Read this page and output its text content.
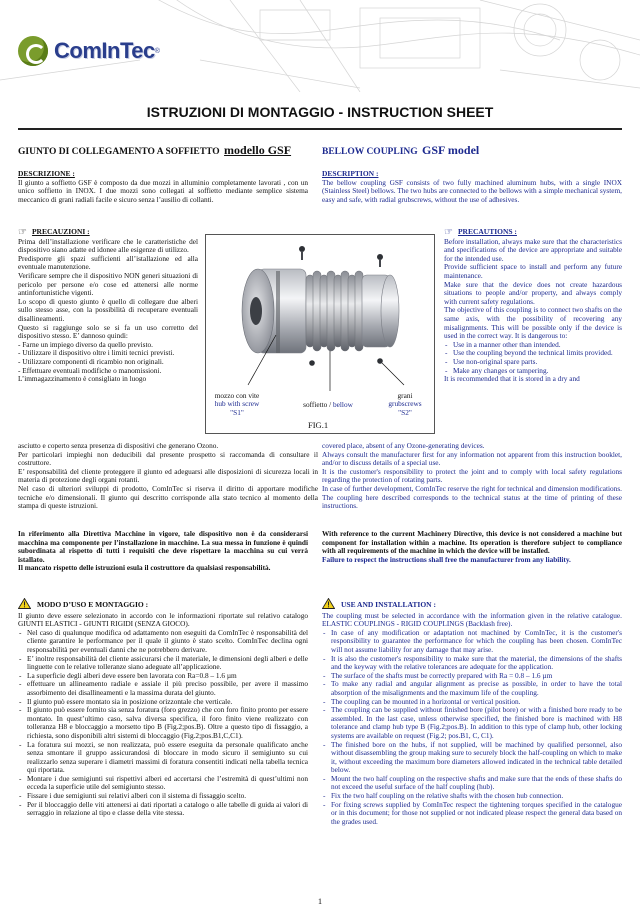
ComInTec ®
ISTRUZIONI DI MONTAGGIO - INSTRUCTION SHEET
GIUNTO DI COLLEGAMENTO A SOFFIETTO modello GSF
DESCRIZIONE :
Il giunto a soffietto GSF è composto da due mozzi in alluminio completamente lavorati , con un unico soffietto in INOX. I due mozzi sono collegati al soffietto mediante semplice sistema meccanico di grani radiali facile e sicuro senza l’ausilio di collanti.
☞ PRECAUZIONI :
Prima dell’installazione verificare che le caratteristiche del dispositivo siano adatte ed idonee alle esigenze di utilizzo.
Predisporre gli spazi sufficienti all’istallazione ed alla eventuale manutenzione.
Verificare sempre che il dispositivo NON generi situazioni di pericolo per persone e/o cose ed attenersi alle norme antinfortunistiche vigenti.
Lo scopo di questo giunto è quello di collegare due alberi sullo stesso asse, con la possibilità di recuperare eventuali disallineamenti.
Questo si raggiunge solo se si fa un uso corretto del dispositivo stesso. E’ dannoso quindi:
- Farne un impiego diverso da quello previsto.
- Utilizzare il dispositivo oltre i limiti tecnici previsti.
- Utilizzare componenti di ricambio non originali.
- Effettuare eventuali modifiche o manomissioni.
L’immagazzinamento è consigliato in luogo
asciutto e coperto senza presenza di dispositivi che generano Ozono.
Per particolari impieghi non deducibili dal presente prospetto si raccomanda di consultare il costruttore.
E’ responsabilità del cliente proteggere il giunto ed adeguarsi alle disposizioni di sicurezza locali in materia di protezione degli organi rotanti.
Nel caso di ulteriori sviluppi di prodotto, ComInTec si riserva il diritto di apportare modifiche tecniche e/o dimensionali. Il giunto qui descritto corrisponde alla stato tecnico al momento della stampa di queste istruzioni.
In riferimento alla Direttiva Macchine in vigore, tale dispositivo non è da considerarsi macchina ma componente per l’installazione in macchine. La sua messa in funzione è quindi subordinata al rispetto di tutti i requisiti che deve rispettare la macchina su cui verrà istallato.
Il mancato rispetto delle istruzioni esula il costruttore da qualsiasi responsabilità.
MODO D’USO E MONTAGGIO :
Il giunto deve essere selezionato in accordo con le informazioni riportate sul relativo catalogo GIUNTI ELASTICI - GIUNTI RIGIDI (SENZA GIOCO).
- Nel caso di qualunque modifica od adattamento non eseguiti da ComInTec è responsabilità del cliente garantire le performance per il quale il giunto è stato scelto. ComInTec declina ogni responsabilità per eventuali danni che ne potrebbero derivare.
- E’ inoltre responsabilità del cliente assicurarsi che il materiale, le dimensioni degli alberi e delle linguette con le relative tolleranze siano adeguate all’applicazione.
- La superficie degli alberi deve essere ben lavorata con Ra=0.8 – 1.6 µm
- effettuare un allineamento radiale e assiale il più preciso possibile, per avere il massimo assorbimento dei disallineamenti e la massima durata del giunto.
- Il giunto può essere montato sia in posizione orizzontale che verticale.
- Il giunto può essere fornito sia senza foratura (foro grezzo) che con foro finito pronto per essere montato. In quest’ultimo caso, salva diversa specifica, il foro finito viene realizzato con tolleranza H8 e bloccaggio a morsetto tipo B (Fig.2;pos.B). Oltre a questo tipo di fissaggio, a richiesta, sono disponibili altri sistemi di bloccaggio (Fig.2;pos.B1,C,C1).
- La foratura sui mozzi, se non realizzata, può essere eseguita da personale qualificato anche senza smontare il gruppo assicurandosi di bloccare in modo sicuro il semigiunto su cui realizzarlo senza superare i diametri massimi di foratura consentiti indicati nella tabella tecnica qui riportata.
- Montare i due semigiunti sui rispettivi alberi ed accertarsi che l’estremità di quest’ultimi non ecceda la superficie utile del semigiunto stesso.
- Fissare i due semigiunti sui relativi alberi con il sistema di fissaggio scelto.
- Per il bloccaggio delle viti attenersi ai dati riportati a catalogo o alle tabelle di guida ai valori di serraggio in relazione al tipo e classe della vite stessa.
BELLOW COUPLING GSF model
DESCRIPTION :
The bellow coupling GSF consists of two fully machined aluminum hubs, with a single INOX (Stainless Steel) bellows. The two hubs are connected to the bellows with a simple mechanical system, easy and safe, with radial grubscrews, without the use of adhesives.
☞ PRECAUTIONS :
Before installation, always make sure that the characteristics and specifications of the device are appropriate and suitable for the intended use.
Provide sufficient space to install and perform any future maintenance.
Make sure that the device does not create hazardous situations to people and/or property, and always comply with current safety regulations.
The objective of this coupling is to connect two shafts on the same axis, with the possibility of recovering any misalignments. This will be possible only if the device is used in the correct way. It is dangerous to:
- Use in a manner other than intended.
- Use the coupling beyond the technical limits provided.
- Use non-original spare parts.
- Make any changes or tampering.
It is recommended that it is stored in a dry and
covered place, absent of any Ozone-generating devices.
Always consult the manufacturer first for any information not apparent from this instruction booklet, and/or to discuss details of a special use.
It is the customer's responsibility to protect the joint and to comply with local safety regulations regarding the protection of rotating parts.
In case of further development, ComInTec reserve the right for technical and dimension modifications. The coupling here described corresponds to the technical status at the time of printing of these instructions.
With reference to the current Machinery Directive, this device is not considered a machine but component for installation within a machine. Its operation is therefore subject to compliance with all requirements of the machine in which the device will be installed.
Failure to respect the instructions shall free the manufacturer from any liability.
USE AND INSTALLATION :
The coupling must be selected in accordance with the information given in the relative catalogue. ELASTIC COUPLINGS - RIGID COUPLINGS (Backlash free).
- In case of any modification or adaptation not machined by ComInTec, it is the customer's responsibility to guarantee the performance for which the coupling has been chosen. ComInTec will not assume liability for any damage that may arise.
- It is also the customer's responsibility to make sure that the material, the dimensions of the shafts and the keyway with the relative tolerances are adequate for the application.
- The surface of the shafts must be correctly prepared with Ra = 0.8 – 1.6 µm
- To make any radial and angular alignment as precise as possible, in order to have the total absorption of the misalignments and the maximum life of the coupling.
- The coupling can be mounted in a horizontal or vertical position.
- The coupling can be supplied without finished bore (pilot bore) or with a finished bore ready to be assembled. In the last case, unless otherwise specified, the finished bore is machined with H8 tolerance and clamp hub type B (Fig.2;pos.B). In addition to this type of clamp hub, other locking systems are available on request (Fig.2; pos.B1, C, C1).
- The finished bore on the hubs, if not supplied, will be machined by qualified personnel, also without disassembling the group making sure to securely block the half-coupling on which to make it, without exceeding the maximum bore diameters allowed indicated in the technical table detailed below.
- Mount the two half coupling on the respective shafts and make sure that the ends of these shafts do not exceed the useful surface of the half coupling (hub).
- Fix the two half coupling on the relative shafts with the chosen hub connection.
- For fixing screws supplied by ComInTec respect the tightening torques specified in the catalogue or in this document; for those not supplied or not indicated please respect the general data based on the grades used.
mozzo con vite
hub with screw
"S1"
soffietto / bellow
grani
grubscrews
"S2"
FIG.1
1
